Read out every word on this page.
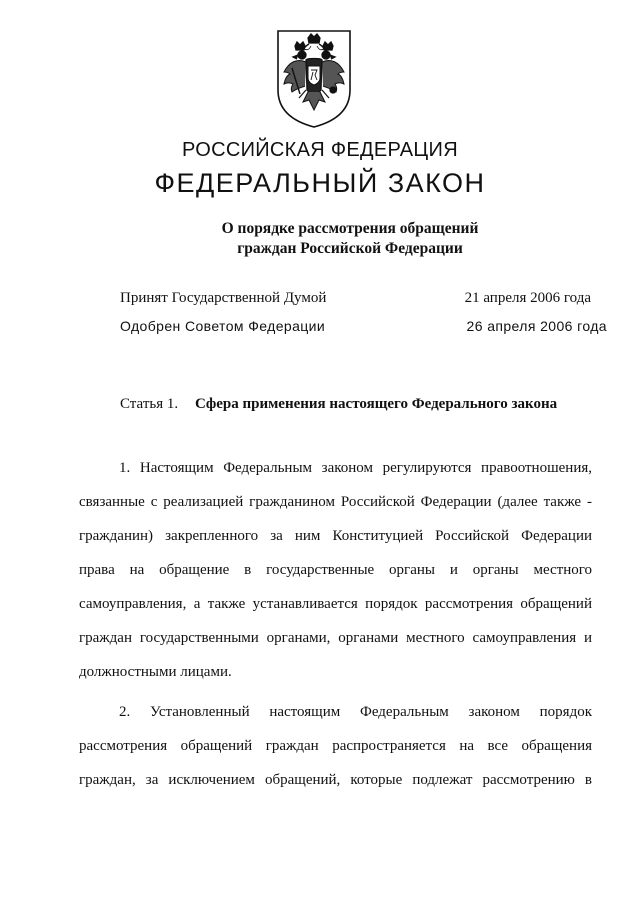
РОССИЙСКАЯ ФЕДЕРАЦИЯ
ФЕДЕРАЛЬНЫЙ ЗАКОН
О порядке рассмотрения обращений
граждан Российской Федерации
Принят Государственной Думой	21 апреля 2006 года
Одобрен Советом Федерации	26 апреля 2006 года
Статья 1. Сфера применения настоящего Федерального закона
1. Настоящим Федеральным законом регулируются правоотношения,
связанные с реализацией гражданином Российской Федерации (далее также -
гражданин) закрепленного за ним Конституцией Российской Федерации
права на обращение в государственные органы и органы местного
самоуправления, а также устанавливается порядок рассмотрения обращений
граждан государственными органами, органами местного самоуправления и
должностными лицами.
2. Установленный настоящим Федеральным законом порядок
рассмотрения обращений граждан распространяется на все обращения
граждан, за исключением обращений, которые подлежат рассмотрению в
